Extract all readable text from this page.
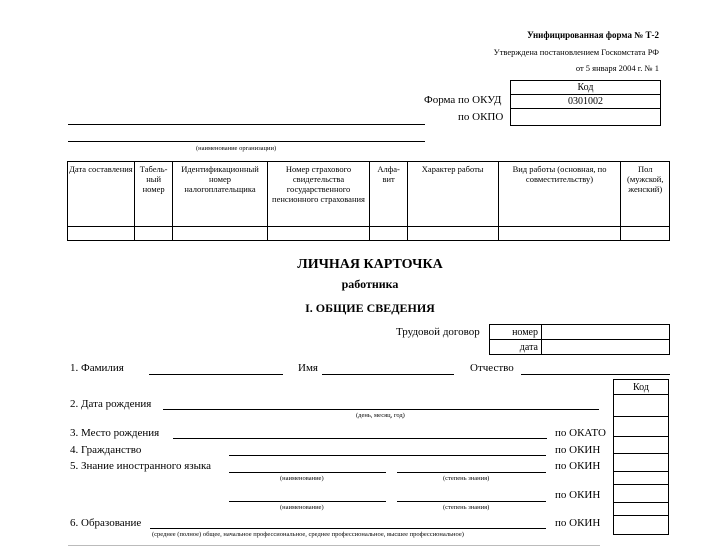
Унифицированная форма № Т-2
Утверждена постановлением Госкомстата РФ
от 5 января 2004 г. № 1
Код
0301002

Форма по ОКУД
по ОКПО
(наименование организации)
Дата составления	Табель-ный номер	Идентификационный номер налогоплательщика	Номер страхового свидетельства государственного пенсионного страхования	Алфа-вит	Характер работы	Вид работы (основная, по совместительству)	Пол (мужской, женский)

ЛИЧНАЯ КАРТОЧКА
работника
I. ОБЩИЕ СВЕДЕНИЯ
Трудовой договор	номер	
дата	
1. Фамилия	Имя	Отчество
Код

2. Дата рождения
(день, месяц, год)
3. Место рождения	по ОКАТО
4. Гражданство	по ОКИН
5. Знание иностранного языка	по ОКИН
(наименование)	(степень знания)
по ОКИН
(наименование)	(степень знания)
6. Образование	по ОКИН
(среднее (полное) общее, начальное профессиональное, среднее профессиональное, высшее профессиональное)
